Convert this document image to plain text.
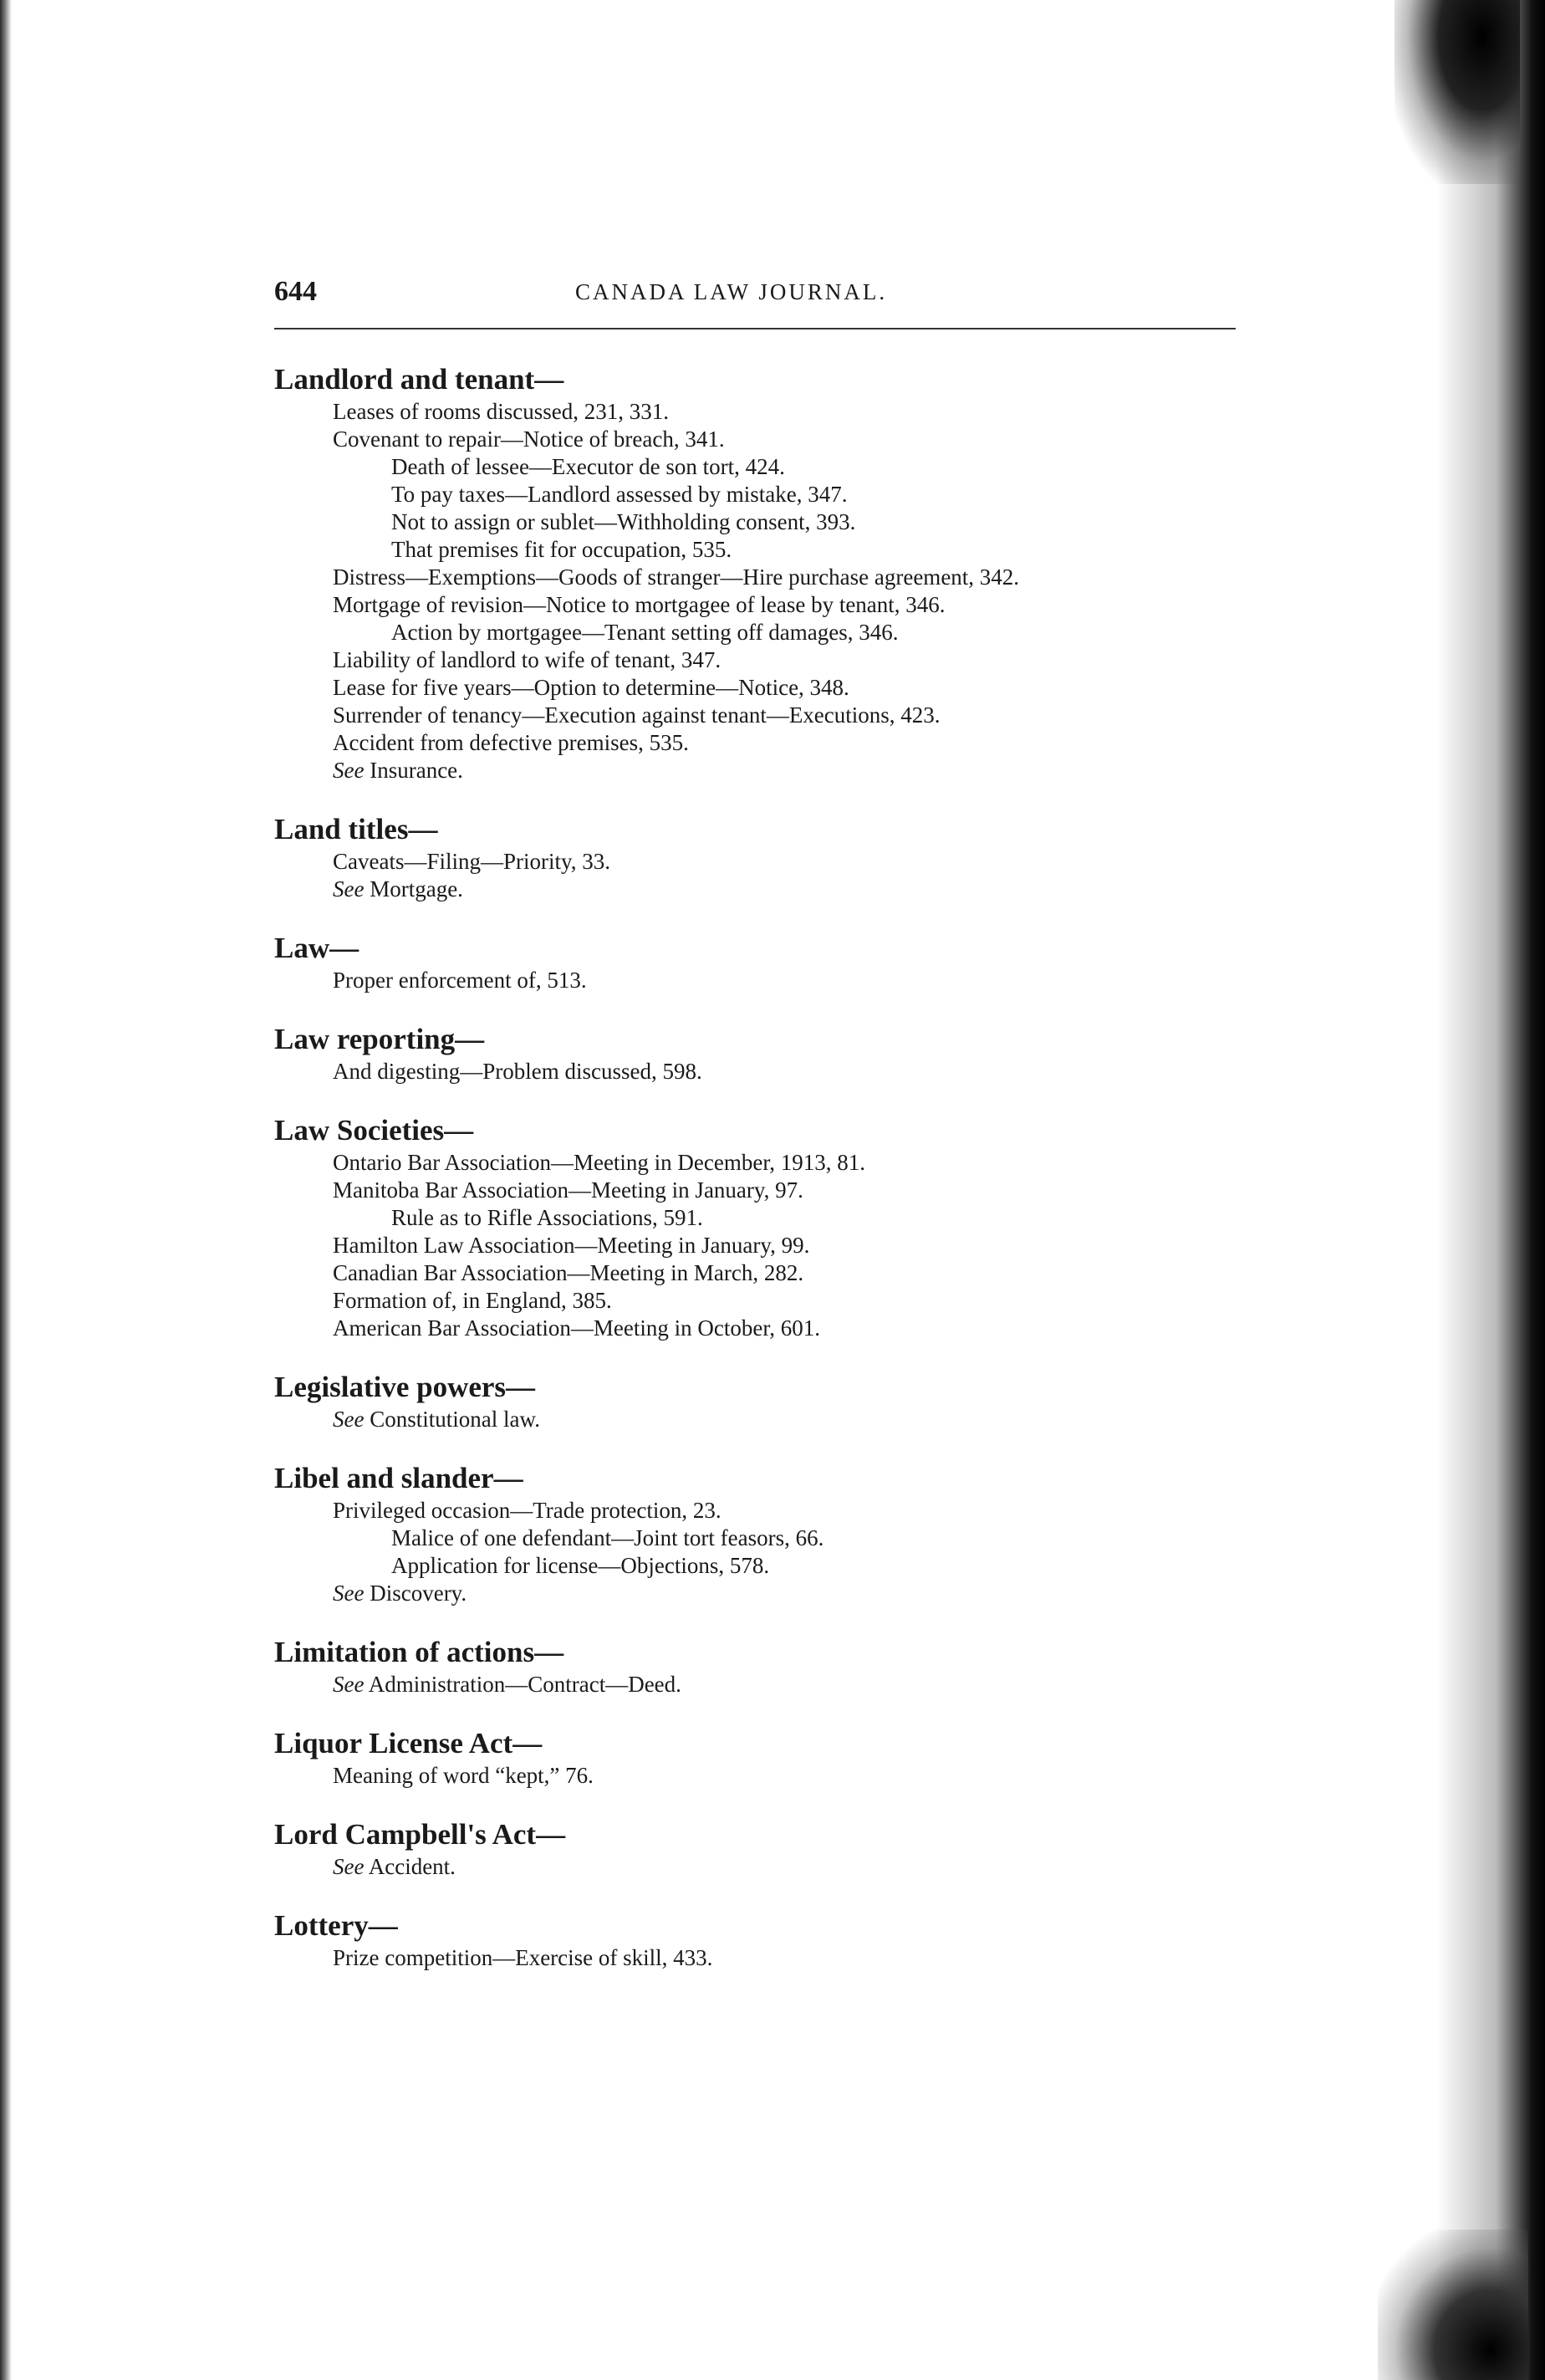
644	CANADA LAW JOURNAL.
Landlord and tenant—
Leases of rooms discussed, 231, 331.
Covenant to repair—Notice of breach, 341.
Death of lessee—Executor de son tort, 424.
To pay taxes—Landlord assessed by mistake, 347.
Not to assign or sublet—Withholding consent, 393.
That premises fit for occupation, 535.
Distress—Exemptions—Goods of stranger—Hire purchase agreement, 342.
Mortgage of revision—Notice to mortgagee of lease by tenant, 346.
Action by mortgagee—Tenant setting off damages, 346.
Liability of landlord to wife of tenant, 347.
Lease for five years—Option to determine—Notice, 348.
Surrender of tenancy—Execution against tenant—Executions, 423.
Accident from defective premises, 535.
See Insurance.
Land titles—
Caveats—Filing—Priority, 33.
See Mortgage.
Law—
Proper enforcement of, 513.
Law reporting—
And digesting—Problem discussed, 598.
Law Societies—
Ontario Bar Association—Meeting in December, 1913, 81.
Manitoba Bar Association—Meeting in January, 97.
Rule as to Rifle Associations, 591.
Hamilton Law Association—Meeting in January, 99.
Canadian Bar Association—Meeting in March, 282.
Formation of, in England, 385.
American Bar Association—Meeting in October, 601.
Legislative powers—
See Constitutional law.
Libel and slander—
Privileged occasion—Trade protection, 23.
Malice of one defendant—Joint tort feasors, 66.
Application for license—Objections, 578.
See Discovery.
Limitation of actions—
See Administration—Contract—Deed.
Liquor License Act—
Meaning of word “kept,” 76.
Lord Campbell's Act—
See Accident.
Lottery—
Prize competition—Exercise of skill, 433.
